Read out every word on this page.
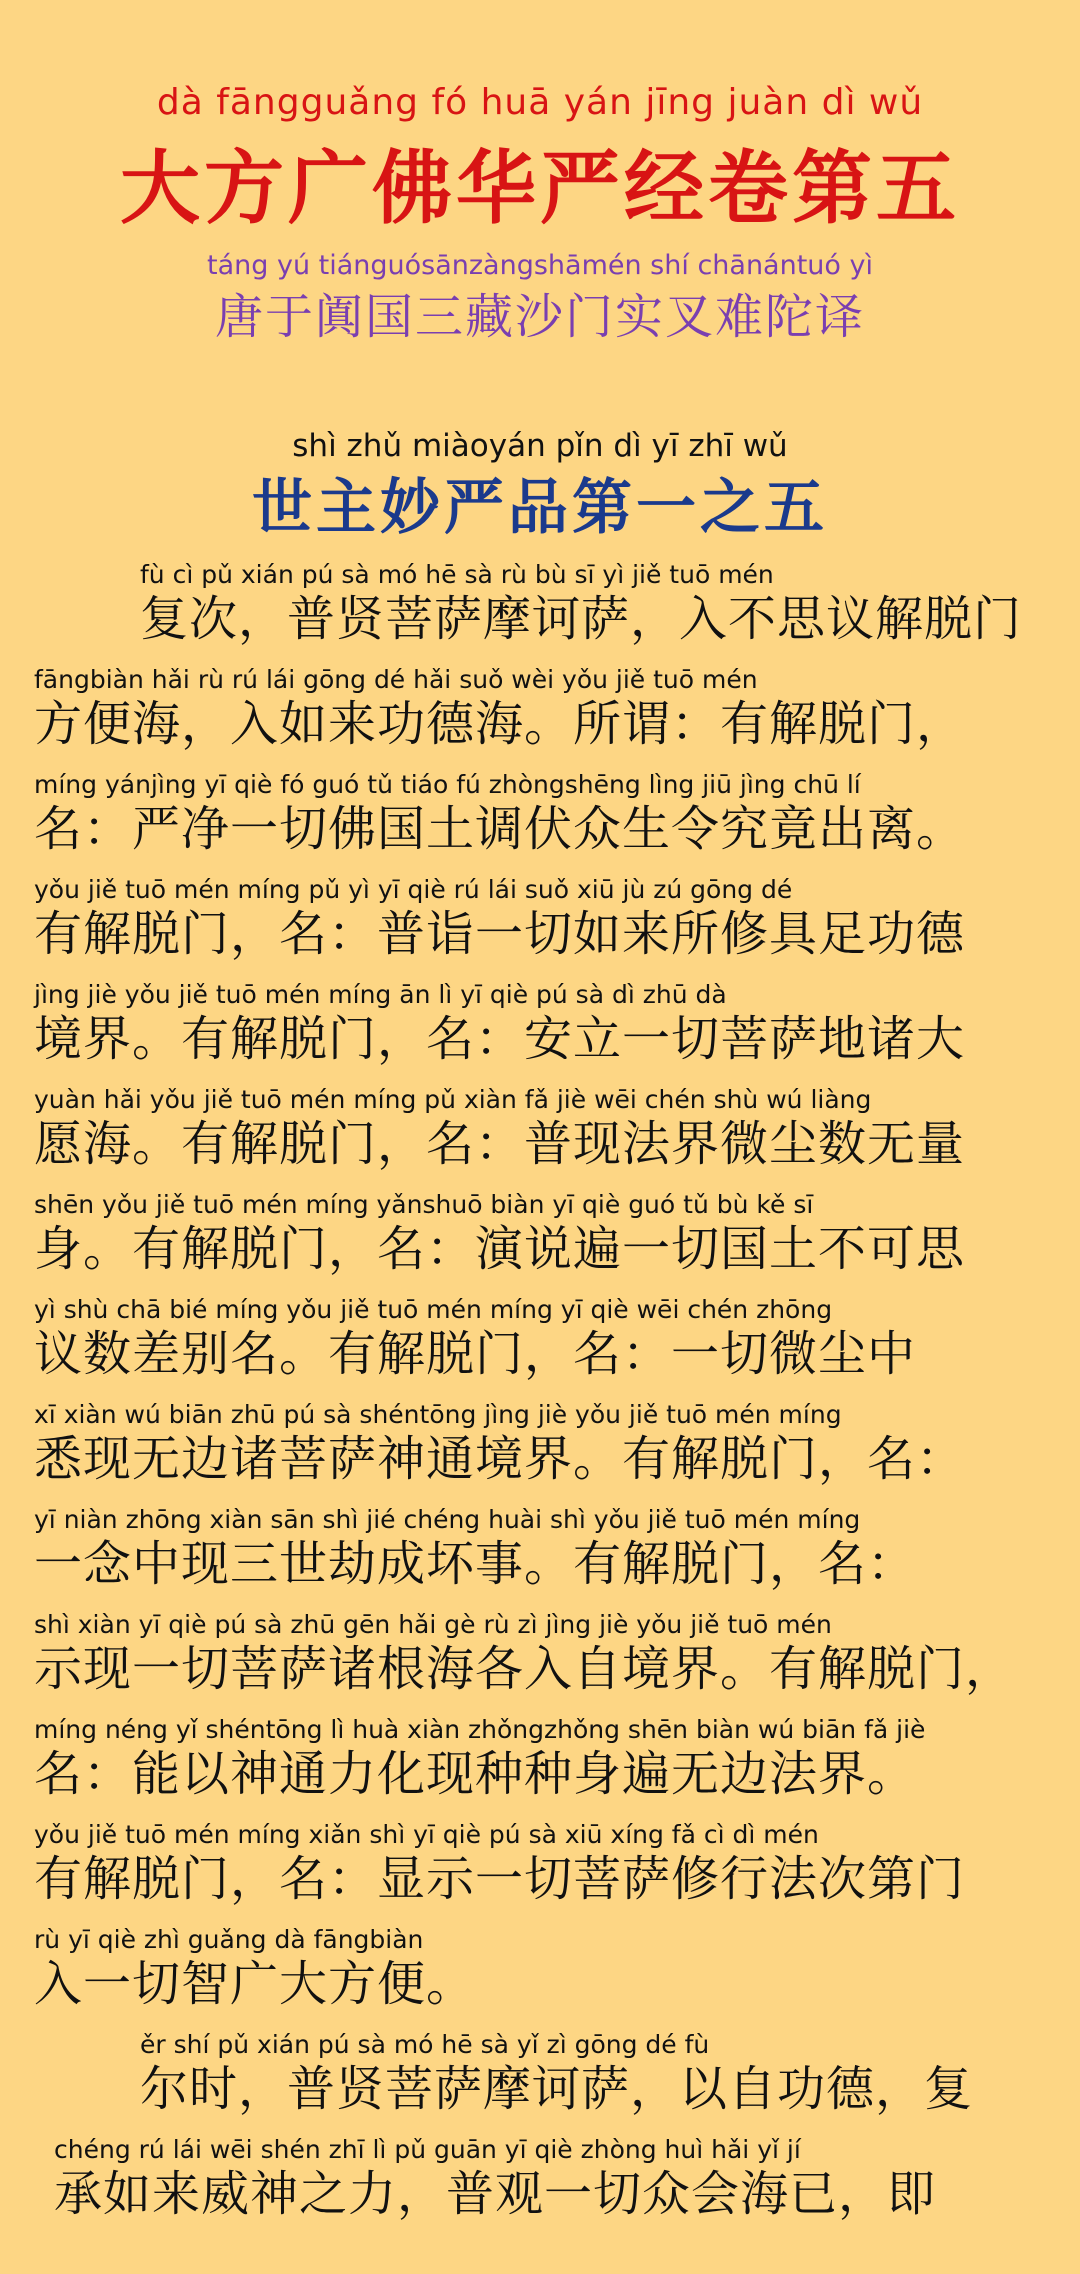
dà fāngguǎng fó huā yán jīng juàn dì wǔ
大方广佛华严经卷第五
táng yú tiánguósānzàngshāmén shí chānántuó yì
唐于阗国三藏沙门实叉难陀译
shì zhǔ miàoyán pǐn dì yī zhī wǔ
世主妙严品第一之五
fù cì pǔ xián pú sà mó hē sà rù bù sī yì jiě tuō mén
复次，普贤菩萨摩诃萨，入不思议解脱门
fāngbiàn hǎi rù rú lái gōng dé hǎi suǒ wèi yǒu jiě tuō mén
方便海，入如来功德海。所谓：有解脱门，
míng yánjìng yī qiè fó guó tǔ tiáo fú zhòngshēng lìng jiū jìng chū lí
名：严净一切佛国土调伏众生令究竟出离。
yǒu jiě tuō mén míng pǔ yì yī qiè rú lái suǒ xiū jù zú gōng dé
有解脱门，名：普诣一切如来所修具足功德
jìng jiè yǒu jiě tuō mén míng ān lì yī qiè pú sà dì zhū dà
境界。有解脱门，名：安立一切菩萨地诸大
yuàn hǎi yǒu jiě tuō mén míng pǔ xiàn fǎ jiè wēi chén shù wú liàng
愿海。有解脱门，名：普现法界微尘数无量
shēn yǒu jiě tuō mén míng yǎnshuō biàn yī qiè guó tǔ bù kě sī
身。有解脱门，名：演说遍一切国土不可思
yì shù chā bié míng yǒu jiě tuō mén míng yī qiè wēi chén zhōng
议数差别名。有解脱门，名：一切微尘中
xī xiàn wú biān zhū pú sà shéntōng jìng jiè yǒu jiě tuō mén míng
悉现无边诸菩萨神通境界。有解脱门，名：
yī niàn zhōng xiàn sān shì jié chéng huài shì yǒu jiě tuō mén míng
一念中现三世劫成坏事。有解脱门，名：
shì xiàn yī qiè pú sà zhū gēn hǎi gè rù zì jìng jiè yǒu jiě tuō mén
示现一切菩萨诸根海各入自境界。有解脱门，
míng néng yǐ shéntōng lì huà xiàn zhǒngzhǒng shēn biàn wú biān fǎ jiè
名：能以神通力化现种种身遍无边法界。
yǒu jiě tuō mén míng xiǎn shì yī qiè pú sà xiū xíng fǎ cì dì mén
有解脱门，名：显示一切菩萨修行法次第门
rù yī qiè zhì guǎng dà fāngbiàn
入一切智广大方便。
ěr shí pǔ xián pú sà mó hē sà yǐ zì gōng dé fù
尔时，普贤菩萨摩诃萨，以自功德，复
chéng rú lái wēi shén zhī lì pǔ guān yī qiè zhòng huì hǎi yǐ jí
承如来威神之力，普观一切众会海已，即
